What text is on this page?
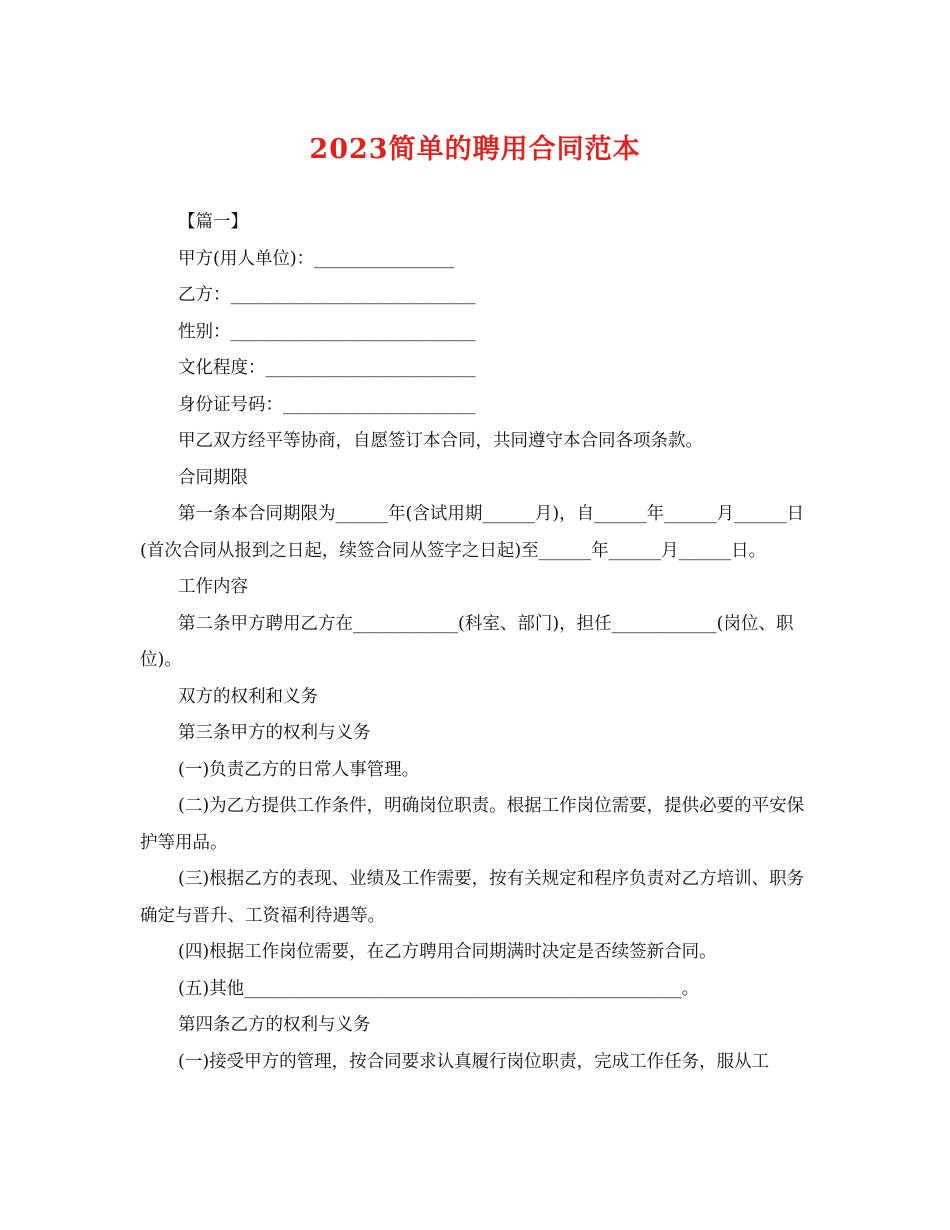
2023简单的聘用合同范本

【篇一】

甲方(用人单位)：________________

乙方：____________________________

性别：____________________________

文化程度：________________________

身份证号码：______________________

甲乙双方经平等协商，自愿签订本合同，共同遵守本合同各项条款。

合同期限

第一条本合同期限为______年(含试用期______月)，自______年______月______日(首次合同从报到之日起，续签合同从签字之日起)至______年______月______日。

工作内容

第二条甲方聘用乙方在____________(科室、部门)，担任____________(岗位、职位)。

双方的权利和义务

第三条甲方的权利与义务

(一)负责乙方的日常人事管理。

(二)为乙方提供工作条件，明确岗位职责。根据工作岗位需要，提供必要的平安保护等用品。

(三)根据乙方的表现、业绩及工作需要，按有关规定和程序负责对乙方培训、职务确定与晋升、工资福利待遇等。

(四)根据工作岗位需要，在乙方聘用合同期满时决定是否续签新合同。

(五)其他__________________________________________________。

第四条乙方的权利与义务

(一)接受甲方的管理，按合同要求认真履行岗位职责，完成工作任务，服从工
